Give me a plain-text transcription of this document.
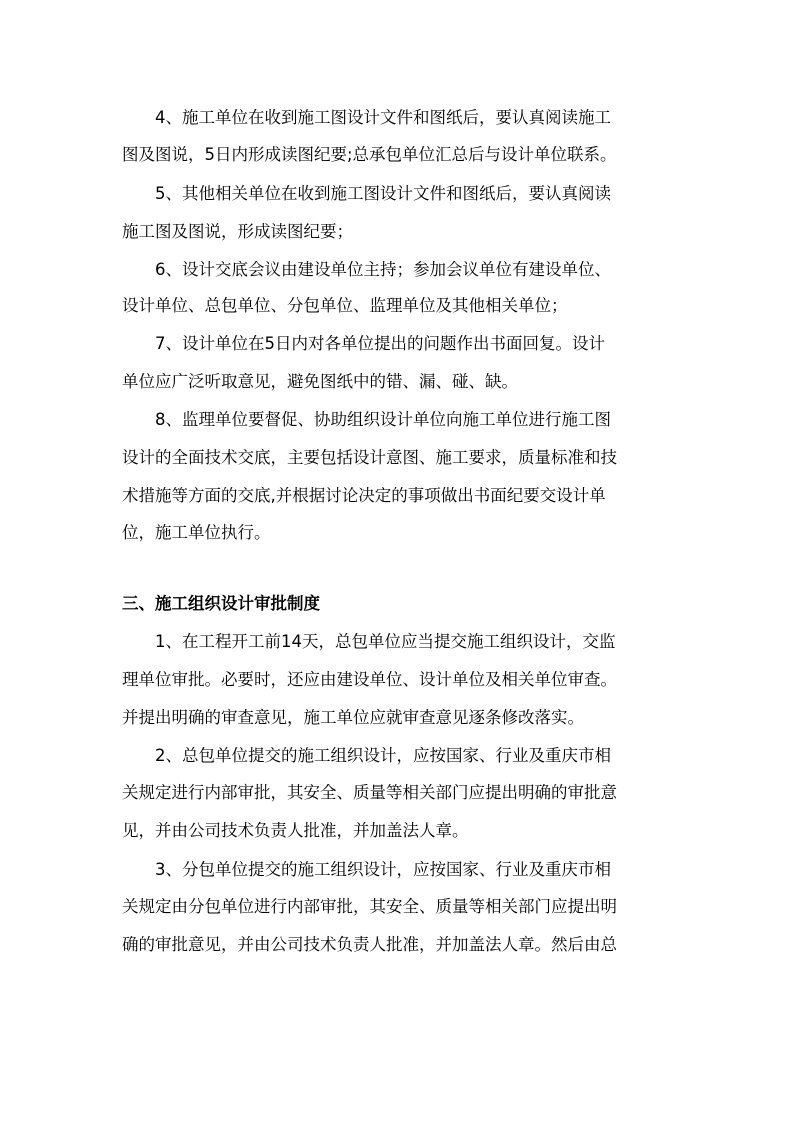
　　4、施工单位在收到施工图设计文件和图纸后，要认真阅读施工
图及图说，5日内形成读图纪要;总承包单位汇总后与设计单位联系。
　　5、其他相关单位在收到施工图设计文件和图纸后，要认真阅读
施工图及图说，形成读图纪要；
　　6、设计交底会议由建设单位主持；参加会议单位有建设单位、
设计单位、总包单位、分包单位、监理单位及其他相关单位；
　　7、设计单位在5日内对各单位提出的问题作出书面回复。设计
单位应广泛听取意见，避免图纸中的错、漏、碰、缺。
　　8、监理单位要督促、协助组织设计单位向施工单位进行施工图
设计的全面技术交底，主要包括设计意图、施工要求，质量标准和技
术措施等方面的交底,并根据讨论决定的事项做出书面纪要交设计单
位，施工单位执行。
三、施工组织设计审批制度
　　1、在工程开工前14天，总包单位应当提交施工组织设计，交监
理单位审批。必要时，还应由建设单位、设计单位及相关单位审查。
并提出明确的审查意见，施工单位应就审查意见逐条修改落实。
　　2、总包单位提交的施工组织设计，应按国家、行业及重庆市相
关规定进行内部审批，其安全、质量等相关部门应提出明确的审批意
见，并由公司技术负责人批准，并加盖法人章。
　　3、分包单位提交的施工组织设计，应按国家、行业及重庆市相
关规定由分包单位进行内部审批，其安全、质量等相关部门应提出明
确的审批意见，并由公司技术负责人批准，并加盖法人章。然后由总
